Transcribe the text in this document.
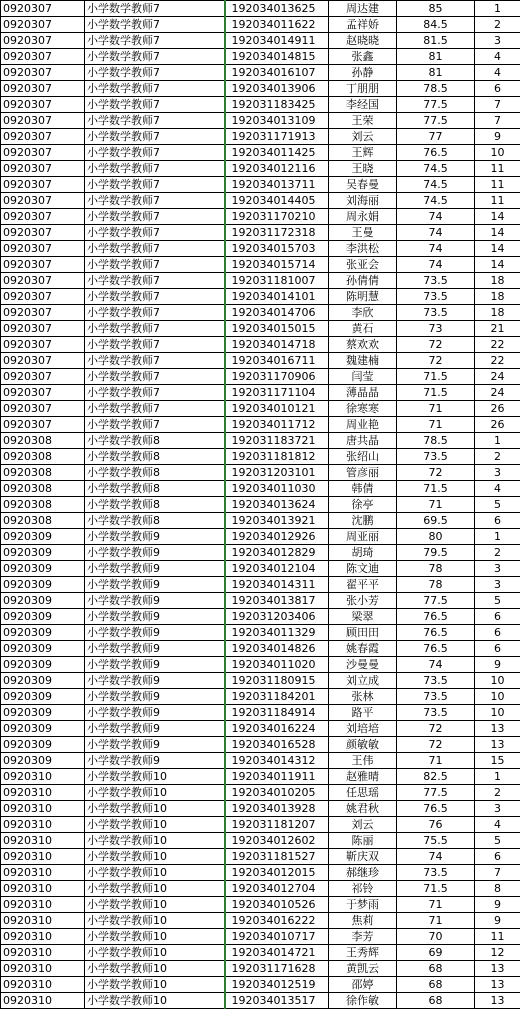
0920307	小学数学教师7	192034013625	周达建	85	1
0920307	小学数学教师7	192034011622	孟祥娇	84.5	2
0920307	小学数学教师7	192034014911	赵晓晓	81.5	3
0920307	小学数学教师7	192034014815	张鑫	81	4
0920307	小学数学教师7	192034016107	孙静	81	4
0920307	小学数学教师7	192034013906	丁朋朋	78.5	6
0920307	小学数学教师7	192031183425	李经国	77.5	7
0920307	小学数学教师7	192034013109	王荣	77.5	7
0920307	小学数学教师7	192031171913	刘云	77	9
0920307	小学数学教师7	192034011425	王辉	76.5	10
0920307	小学数学教师7	192034012116	王晓	74.5	11
0920307	小学数学教师7	192034013711	吴春曼	74.5	11
0920307	小学数学教师7	192034014405	刘海丽	74.5	11
0920307	小学数学教师7	192031170210	周永娟	74	14
0920307	小学数学教师7	192031172318	王曼	74	14
0920307	小学数学教师7	192034015703	李洪松	74	14
0920307	小学数学教师7	192034015714	张亚会	74	14
0920307	小学数学教师7	192031181007	孙倩倩	73.5	18
0920307	小学数学教师7	192034014101	陈明慧	73.5	18
0920307	小学数学教师7	192034014706	李欣	73.5	18
0920307	小学数学教师7	192034015015	黄石	73	21
0920307	小学数学教师7	192034014718	蔡欢欢	72	22
0920307	小学数学教师7	192034016711	魏建楠	72	22
0920307	小学数学教师7	192031170906	闫莹	71.5	24
0920307	小学数学教师7	192031171104	薄晶晶	71.5	24
0920307	小学数学教师7	192034010121	徐寒寒	71	26
0920307	小学数学教师7	192034011712	周业艳	71	26
0920308	小学数学教师8	192031183721	唐共晶	78.5	1
0920308	小学数学教师8	192031181812	张绍山	73.5	2
0920308	小学数学教师8	192031203101	管彦丽	72	3
0920308	小学数学教师8	192034011030	韩倩	71.5	4
0920308	小学数学教师8	192034013624	徐亭	71	5
0920308	小学数学教师8	192034013921	沈鹏	69.5	6
0920309	小学数学教师9	192034012926	周亚丽	80	1
0920309	小学数学教师9	192034012829	胡琦	79.5	2
0920309	小学数学教师9	192034012104	陈文迪	78	3
0920309	小学数学教师9	192034014311	翟平平	78	3
0920309	小学数学教师9	192034013817	张小芳	77.5	5
0920309	小学数学教师9	192031203406	梁翠	76.5	6
0920309	小学数学教师9	192034011329	顾田田	76.5	6
0920309	小学数学教师9	192034014826	姚春霞	76.5	6
0920309	小学数学教师9	192034011020	沙曼曼	74	9
0920309	小学数学教师9	192031180915	刘立成	73.5	10
0920309	小学数学教师9	192031184201	张林	73.5	10
0920309	小学数学教师9	192031184914	路平	73.5	10
0920309	小学数学教师9	192034016224	刘培培	72	13
0920309	小学数学教师9	192034016528	颜敏敏	72	13
0920309	小学数学教师9	192034014312	王伟	71	15
0920310	小学数学教师10	192034011911	赵雅晴	82.5	1
0920310	小学数学教师10	192034010205	任思瑶	77.5	2
0920310	小学数学教师10	192034013928	姚君秋	76.5	3
0920310	小学数学教师10	192031181207	刘云	76	4
0920310	小学数学教师10	192034012602	陈丽	75.5	5
0920310	小学数学教师10	192031181527	靳庆双	74	6
0920310	小学数学教师10	192034012015	郝继珍	73.5	7
0920310	小学数学教师10	192034012704	祁铃	71.5	8
0920310	小学数学教师10	192034010526	于梦雨	71	9
0920310	小学数学教师10	192034016222	焦莉	71	9
0920310	小学数学教师10	192034010717	李芳	70	11
0920310	小学数学教师10	192034014721	王秀辉	69	12
0920310	小学数学教师10	192031171628	黄凯云	68	13
0920310	小学数学教师10	192034012519	邵婷	68	13
0920310	小学数学教师10	192034013517	徐作敏	68	13
